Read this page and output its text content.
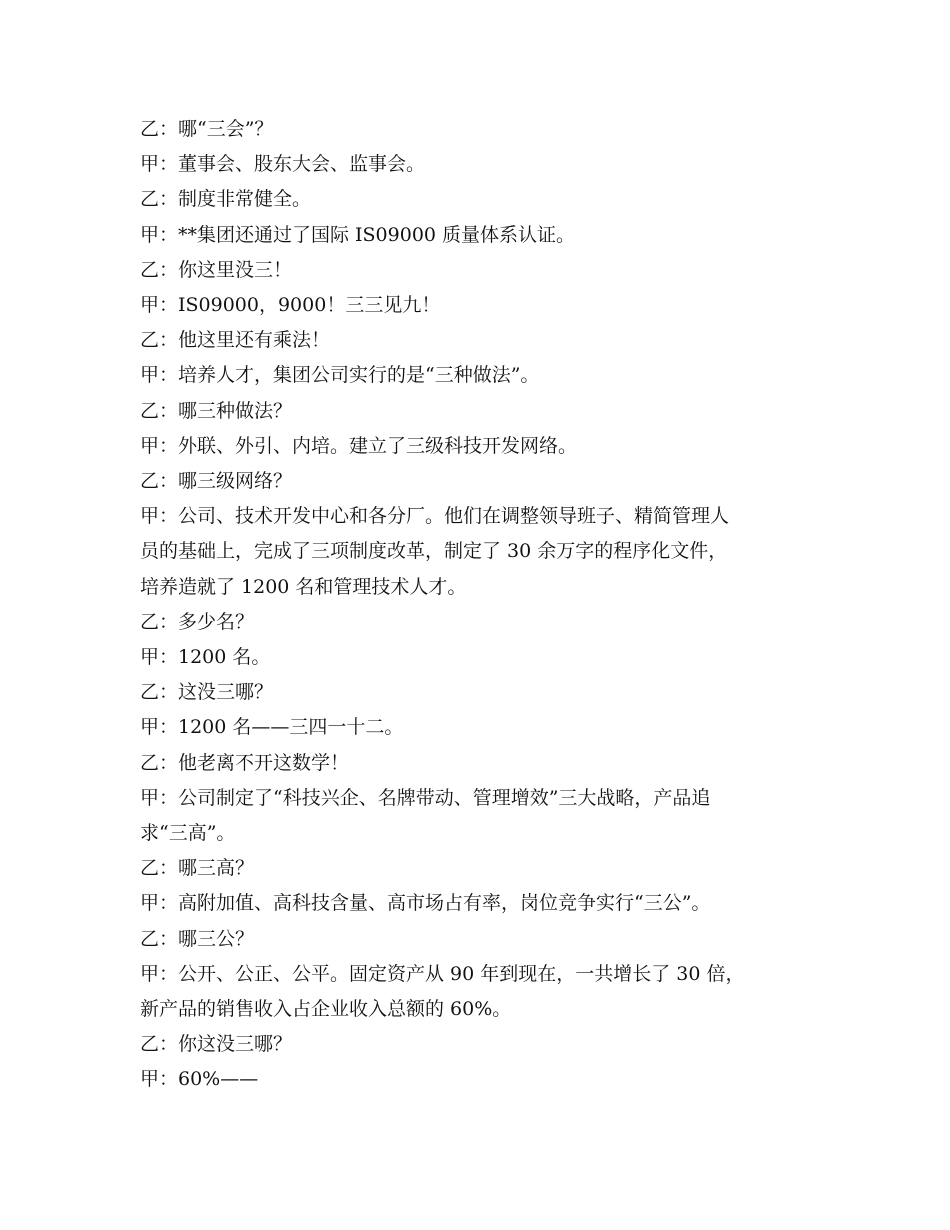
乙：哪“三会”？

甲：董事会、股东大会、监事会。

乙：制度非常健全。

甲：**集团还通过了国际 IS09000 质量体系认证。

乙：你这里没三！

甲：IS09000，9000！三三见九！

乙：他这里还有乘法！

甲：培养人才，集团公司实行的是“三种做法”。

乙：哪三种做法？

甲：外联、外引、内培。建立了三级科技开发网络。

乙：哪三级网络？

甲：公司、技术开发中心和各分厂。他们在调整领导班子、精简管理人

员的基础上，完成了三项制度改革，制定了 30 余万字的程序化文件，

培养造就了 1200 名和管理技术人才。

乙：多少名？

甲：1200 名。

乙：这没三哪？

甲：1200 名——三四一十二。

乙：他老离不开这数学！

甲：公司制定了“科技兴企、名牌带动、管理增效”三大战略，产品追

求“三高”。

乙：哪三高？

甲：高附加值、高科技含量、高市场占有率，岗位竞争实行“三公”。

乙：哪三公？

甲：公开、公正、公平。固定资产从 90 年到现在，一共增长了 30 倍，

新产品的销售收入占企业收入总额的 60%。

乙：你这没三哪？

甲：60%——
